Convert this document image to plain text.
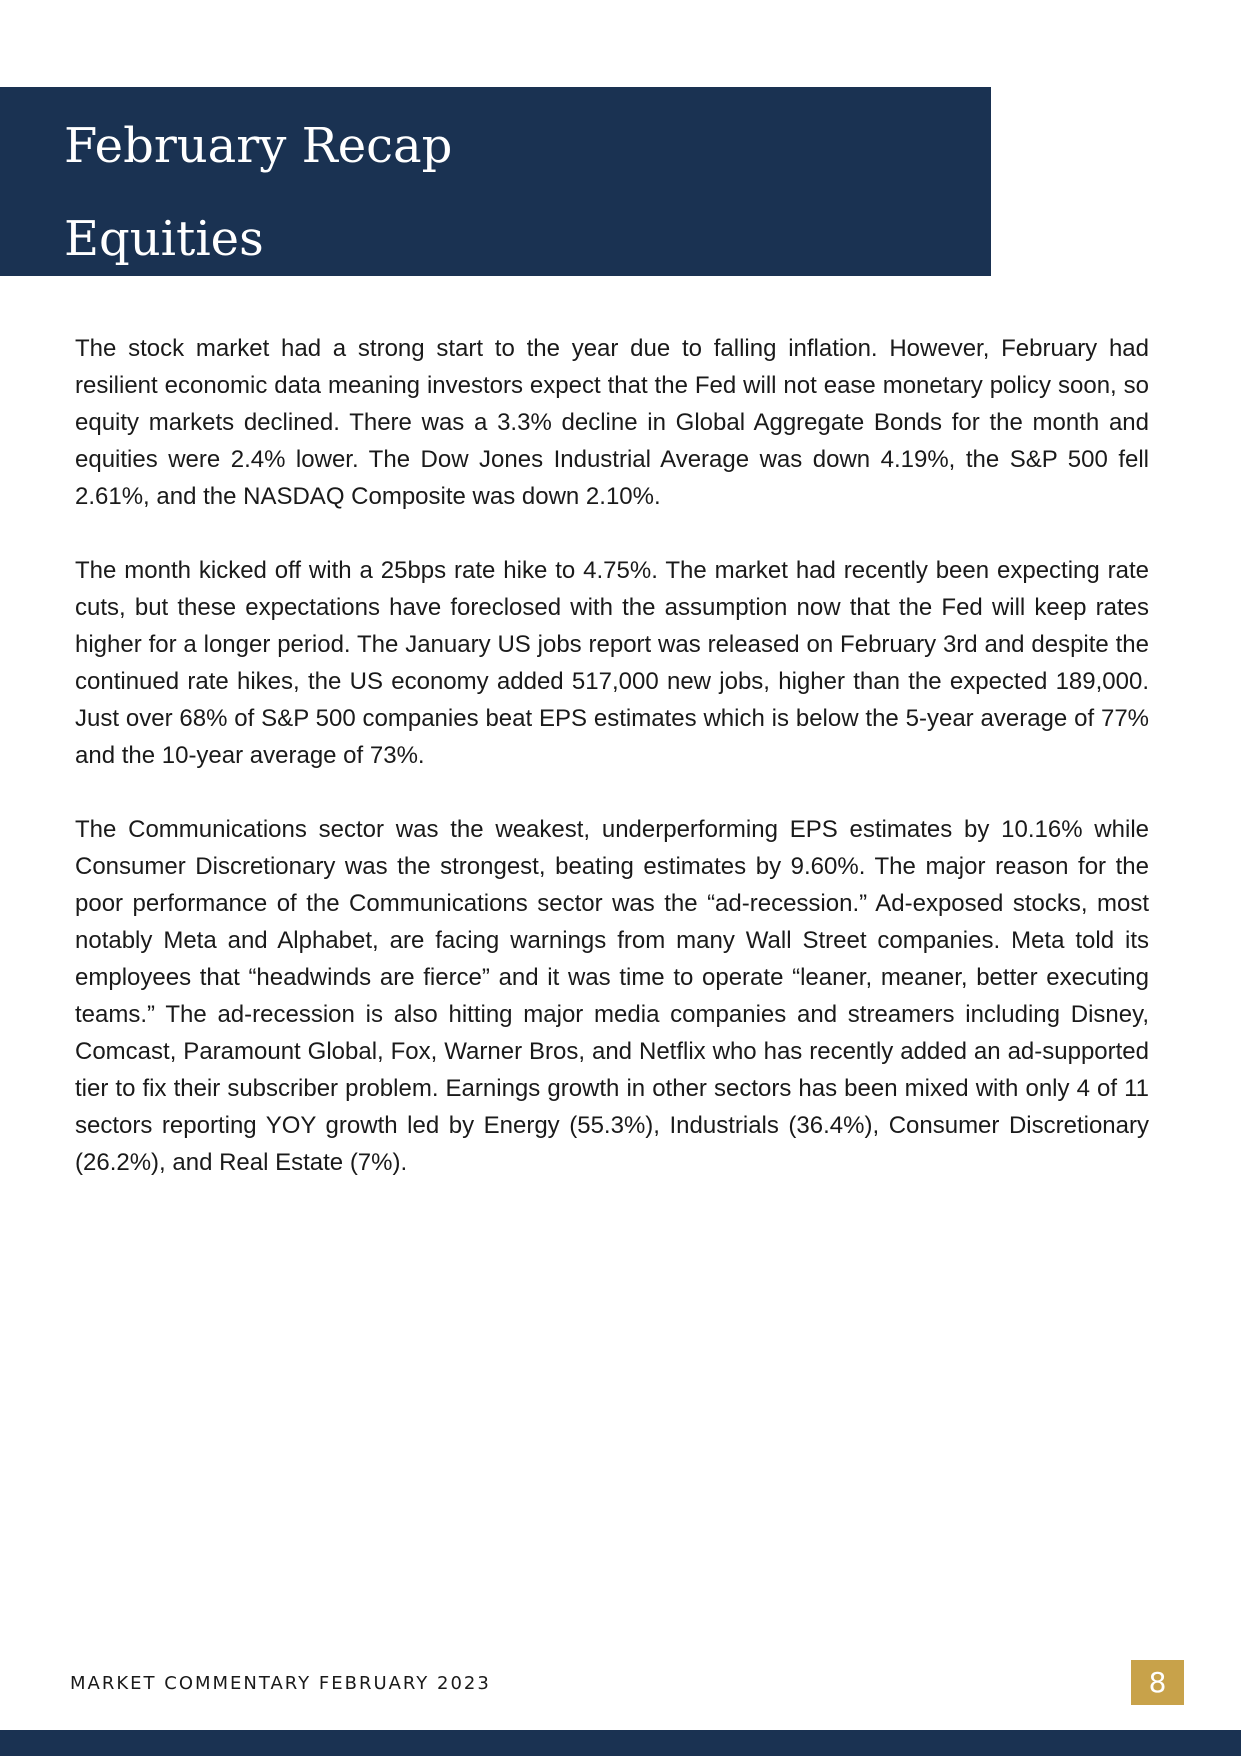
February Recap
Equities

The stock market had a strong start to the year due to falling inflation. However, February had resilient economic data meaning investors expect that the Fed will not ease monetary policy soon, so equity markets declined. There was a 3.3% decline in Global Aggregate Bonds for the month and equities were 2.4% lower. The Dow Jones Industrial Average was down 4.19%, the S&P 500 fell 2.61%, and the NASDAQ Composite was down 2.10%.

The month kicked off with a 25bps rate hike to 4.75%. The market had recently been expecting rate cuts, but these expectations have foreclosed with the assumption now that the Fed will keep rates higher for a longer period. The January US jobs report was released on February 3rd and despite the continued rate hikes, the US economy added 517,000 new jobs, higher than the expected 189,000. Just over 68% of S&P 500 companies beat EPS estimates which is below the 5-year average of 77% and the 10-year average of 73%.

The Communications sector was the weakest, underperforming EPS estimates by 10.16% while Consumer Discretionary was the strongest, beating estimates by 9.60%. The major reason for the poor performance of the Communications sector was the “ad-recession.” Ad-exposed stocks, most notably Meta and Alphabet, are facing warnings from many Wall Street companies. Meta told its employees that “headwinds are fierce” and it was time to operate “leaner, meaner, better executing teams.” The ad-recession is also hitting major media companies and streamers including Disney, Comcast, Paramount Global, Fox, Warner Bros, and Netflix who has recently added an ad-supported tier to fix their subscriber problem. Earnings growth in other sectors has been mixed with only 4 of 11 sectors reporting YOY growth led by Energy (55.3%), Industrials (36.4%), Consumer Discretionary (26.2%), and Real Estate (7%).

MARKET COMMENTARY FEBRUARY 2023	8
